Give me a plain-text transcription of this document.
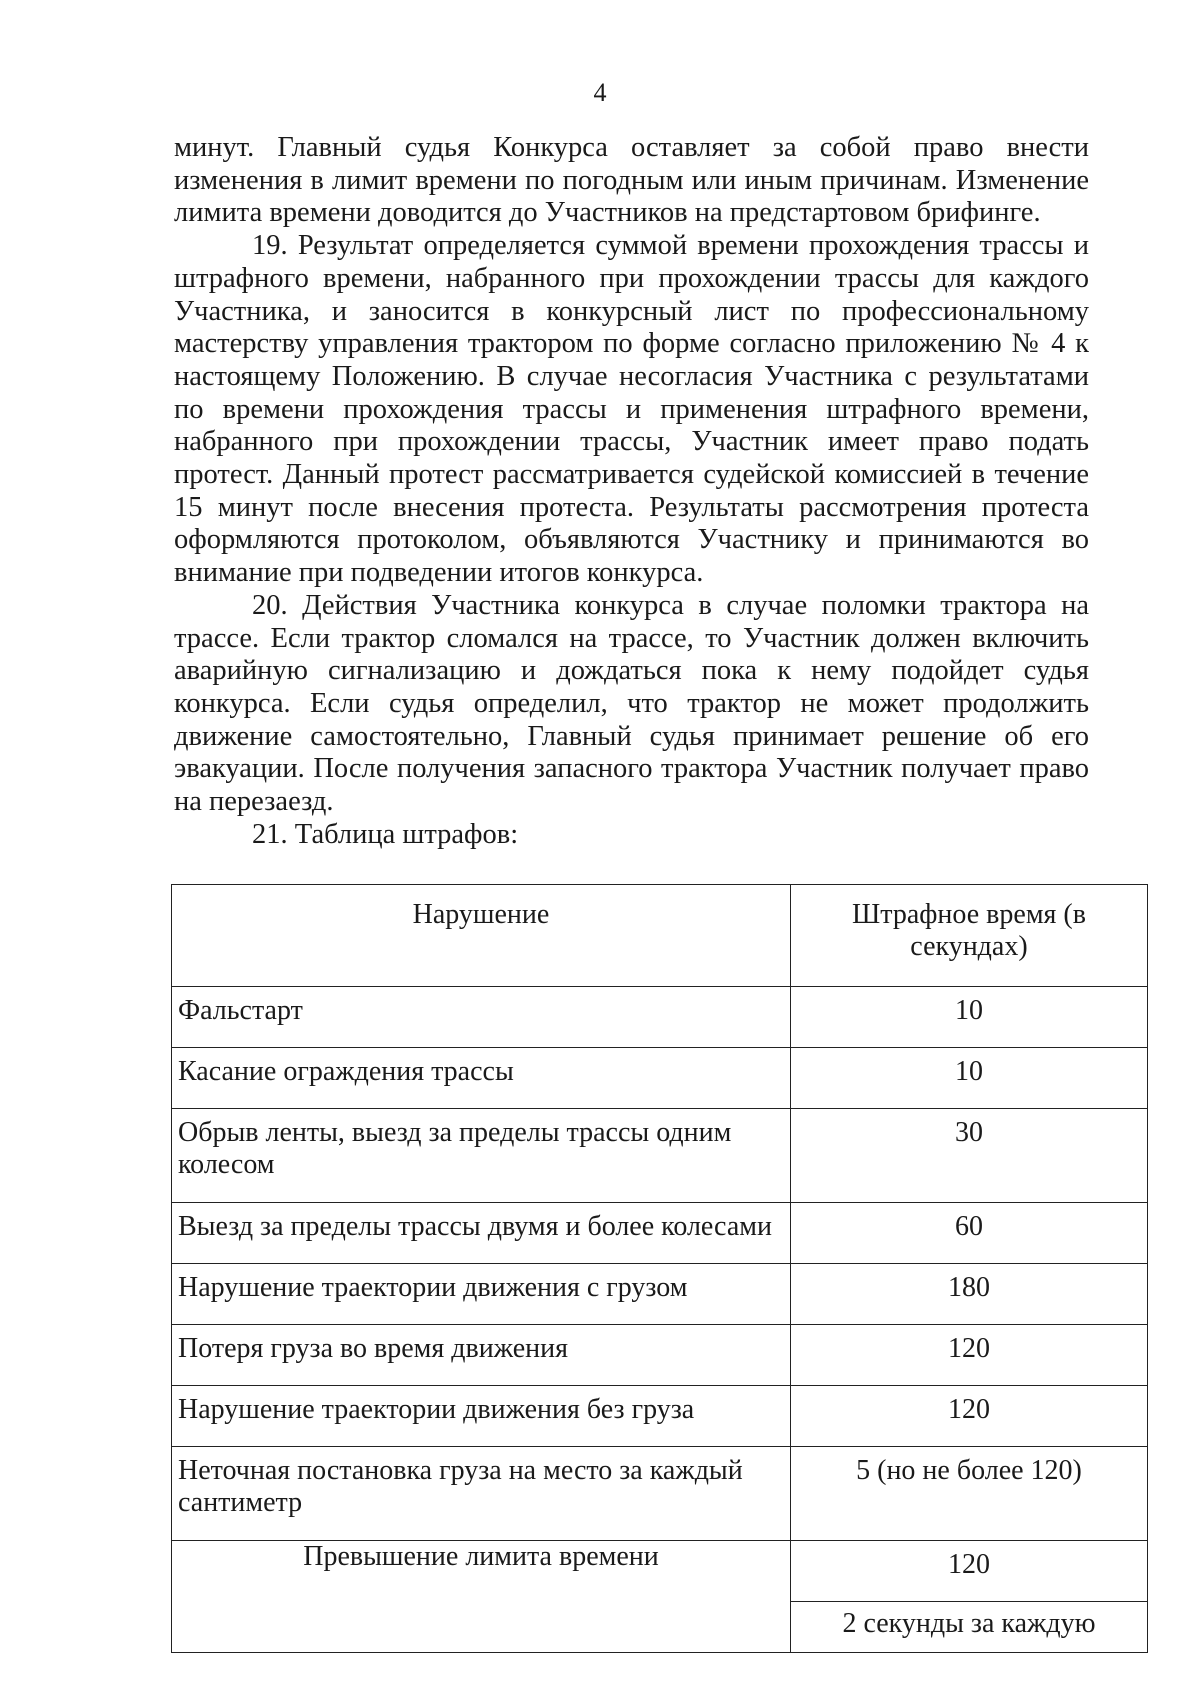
4

минут. Главный судья Конкурса оставляет за собой право внести изменения в лимит времени по погодным или иным причинам. Изменение лимита времени доводится до Участников на предстартовом брифинге.

19. Результат определяется суммой времени прохождения трассы и штрафного времени, набранного при прохождении трассы для каждого Участника, и заносится в конкурсный лист по профессиональному мастерству управления трактором по форме согласно приложению № 4 к настоящему Положению. В случае несогласия Участника с результатами по времени прохождения трассы и применения штрафного времени, набранного при прохождении трассы, Участник имеет право подать протест. Данный протест рассматривается судейской комиссией в течение 15 минут после внесения протеста. Результаты рассмотрения протеста оформляются протоколом, объявляются Участнику и принимаются во внимание при подведении итогов конкурса.

20. Действия Участника конкурса в случае поломки трактора на трассе. Если трактор сломался на трассе, то Участник должен включить аварийную сигнализацию и дождаться пока к нему подойдет судья конкурса. Если судья определил, что трактор не может продолжить движение самостоятельно, Главный судья принимает решение об его эвакуации. После получения запасного трактора Участник получает право на перезаезд.

21. Таблица штрафов:

Нарушение	Штрафное время (в секундах)
Фальстарт	10
Касание ограждения трассы	10
Обрыв ленты, выезд за пределы трассы одним колесом	30
Выезд за пределы трассы двумя и более колесами	60
Нарушение траектории движения с грузом	180
Потеря груза во время движения	120
Нарушение траектории движения без груза	120
Неточная постановка груза на место за каждый сантиметр	5 (но не более 120)
Превышение лимита времени	120
	2 секунды за каждую
